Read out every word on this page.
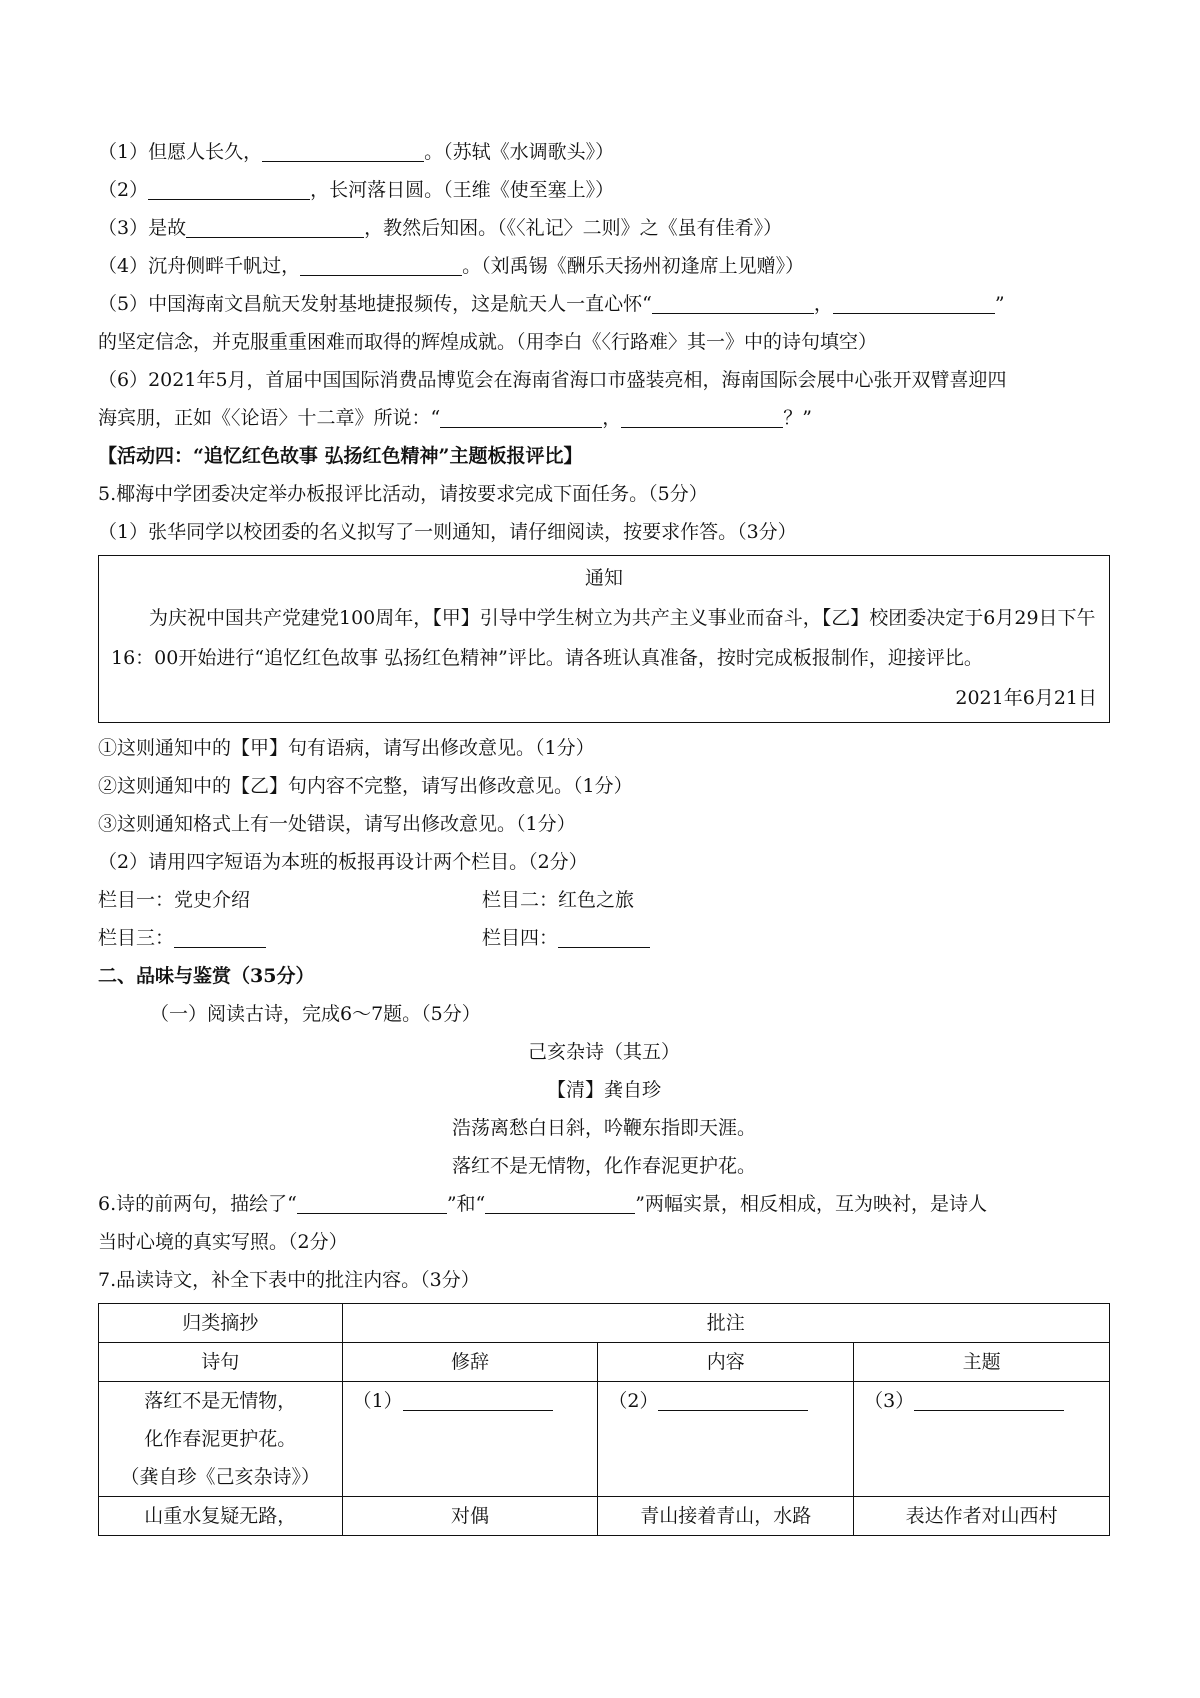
（1）但愿人长久，	。（苏轼《水调歌头》）
（2）	，长河落日圆。（王维《使至塞上》）
（3）是故	，教然后知困。（《〈礼记〉二则》之《虽有佳肴》）
（4）沉舟侧畔千帆过，	。（刘禹锡《酬乐天扬州初逢席上见赠》）
（5）中国海南文昌航天发射基地捷报频传，这是航天人一直心怀“	，	”
的坚定信念，并克服重重困难而取得的辉煌成就。（用李白《〈行路难〉其一》中的诗句填空）
（6）2021年5月，首届中国国际消费品博览会在海南省海口市盛装亮相，海南国际会展中心张开双臂喜迎四
海宾朋，正如《〈论语〉十二章》所说：“	，	？”
【活动四：“追忆红色故事 弘扬红色精神”主题板报评比】
5.椰海中学团委决定举办板报评比活动，请按要求完成下面任务。（5分）
（1）张华同学以校团委的名义拟写了一则通知，请仔细阅读，按要求作答。（3分）
通知
为庆祝中国共产党建党100周年，【甲】引导中学生树立为共产主义事业而奋斗，【乙】校团委决定于6月29日下午16：00开始进行“追忆红色故事 弘扬红色精神”评比。请各班认真准备，按时完成板报制作，迎接评比。
2021年6月21日
①这则通知中的【甲】句有语病，请写出修改意见。（1分）
②这则通知中的【乙】句内容不完整，请写出修改意见。（1分）
③这则通知格式上有一处错误，请写出修改意见。（1分）
（2）请用四字短语为本班的板报再设计两个栏目。（2分）
栏目一：党史介绍	栏目二：红色之旅
栏目三：	栏目四：
二、品味与鉴赏（35分）
（一）阅读古诗，完成6～7题。（5分）
己亥杂诗（其五）
【清】龚自珍
浩荡离愁白日斜，吟鞭东指即天涯。
落红不是无情物，化作春泥更护花。
6.诗的前两句，描绘了“	”和“	”两幅实景，相反相成，互为映衬，是诗人
当时心境的真实写照。（2分）
7.品读诗文，补全下表中的批注内容。（3分）
归类摘抄	批注		
诗句	修辞	内容	主题

落红不是无情物，
化作春泥更护花。
（龚自珍《己亥杂诗》）	（1）	（2）	（3）
山重水复疑无路，	对偶	青山接着青山，水路	表达作者对山西村
